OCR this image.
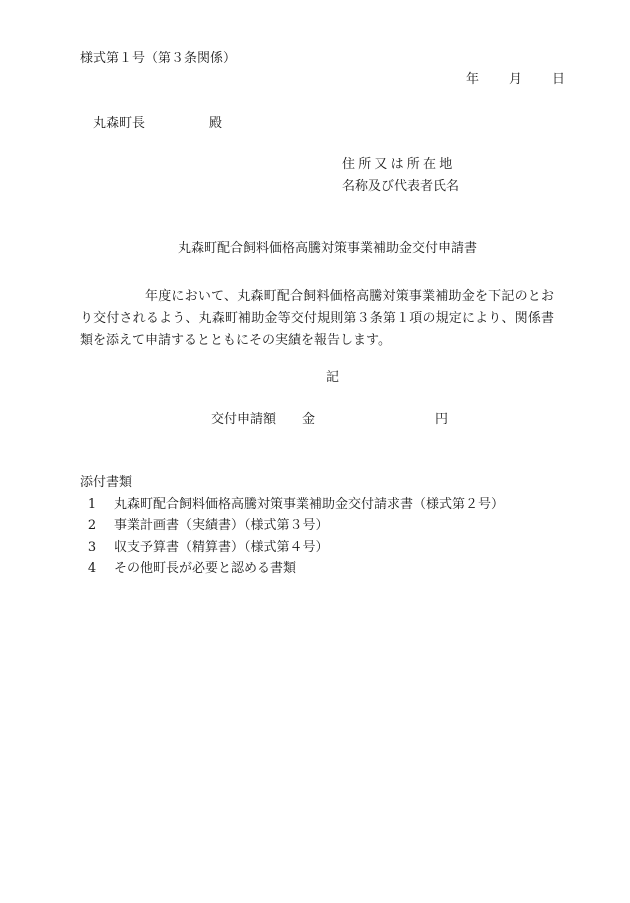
様式第１号（第３条関係）
年 月 日
丸森町長	殿
住所又は所在地
名称及び代表者氏名
丸森町配合飼料価格高騰対策事業補助金交付申請書
年度において、丸森町配合飼料価格高騰対策事業補助金を下記のとおり交付されるよう、丸森町補助金等交付規則第３条第１項の規定により、関係書類を添えて申請するとともにその実績を報告します。
記
交付申請額 金	円
添付書類
1 丸森町配合飼料価格高騰対策事業補助金交付請求書（様式第２号）
2 事業計画書（実績書）（様式第３号）
3 収支予算書（精算書）（様式第４号）
4 その他町長が必要と認める書類
